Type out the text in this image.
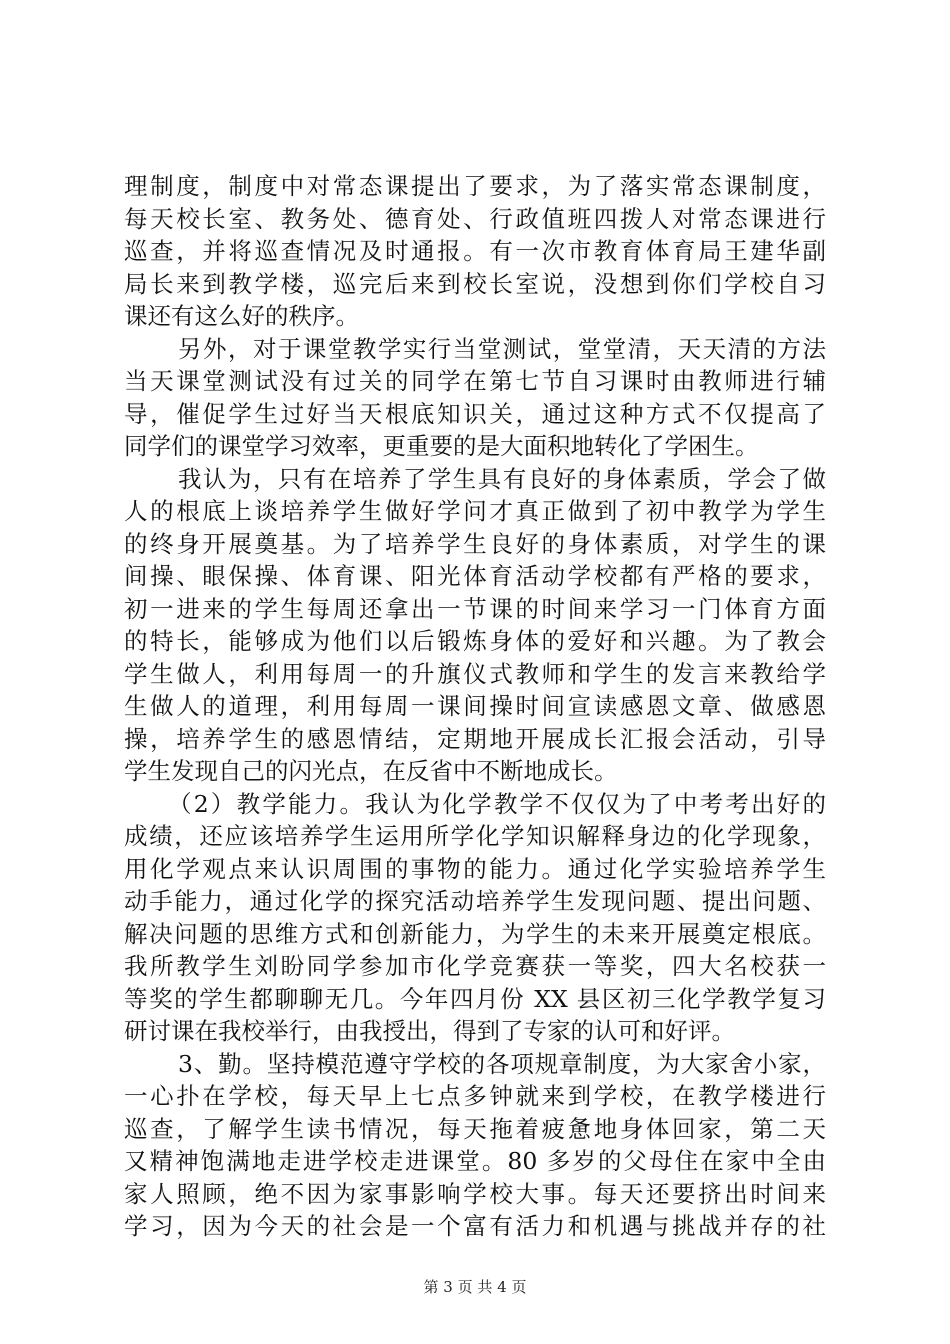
理制度，制度中对常态课提出了要求，为了落实常态课制度，
每天校长室、教务处、德育处、行政值班四拨人对常态课进行
巡查，并将巡查情况及时通报。有一次市教育体育局王建华副
局长来到教学楼，巡完后来到校长室说，没想到你们学校自习
课还有这么好的秩序。
另外，对于课堂教学实行当堂测试，堂堂清，天天清的方法
当天课堂测试没有过关的同学在第七节自习课时由教师进行辅
导，催促学生过好当天根底知识关，通过这种方式不仅提高了
同学们的课堂学习效率，更重要的是大面积地转化了学困生。
我认为，只有在培养了学生具有良好的身体素质，学会了做
人的根底上谈培养学生做好学问才真正做到了初中教学为学生
的终身开展奠基。为了培养学生良好的身体素质，对学生的课
间操、眼保操、体育课、阳光体育活动学校都有严格的要求，
初一进来的学生每周还拿出一节课的时间来学习一门体育方面
的特长，能够成为他们以后锻炼身体的爱好和兴趣。为了教会
学生做人，利用每周一的升旗仪式教师和学生的发言来教给学
生做人的道理，利用每周一课间操时间宣读感恩文章、做感恩
操，培养学生的感恩情结，定期地开展成长汇报会活动，引导
学生发现自己的闪光点，在反省中不断地成长。
（2）教学能力。我认为化学教学不仅仅为了中考考出好的
成绩，还应该培养学生运用所学化学知识解释身边的化学现象，
用化学观点来认识周围的事物的能力。通过化学实验培养学生
动手能力，通过化学的探究活动培养学生发现问题、提出问题、
解决问题的思维方式和创新能力，为学生的未来开展奠定根底。
我所教学生刘盼同学参加市化学竞赛获一等奖，四大名校获一
等奖的学生都聊聊无几。今年四月份 XX 县区初三化学教学复习
研讨课在我校举行，由我授出，得到了专家的认可和好评。
3、勤。坚持模范遵守学校的各项规章制度，为大家舍小家，
一心扑在学校，每天早上七点多钟就来到学校，在教学楼进行
巡查，了解学生读书情况，每天拖着疲惫地身体回家，第二天
又精神饱满地走进学校走进课堂。80 多岁的父母住在家中全由
家人照顾，绝不因为家事影响学校大事。每天还要挤出时间来
学习，因为今天的社会是一个富有活力和机遇与挑战并存的社
第 3 页 共 4 页
